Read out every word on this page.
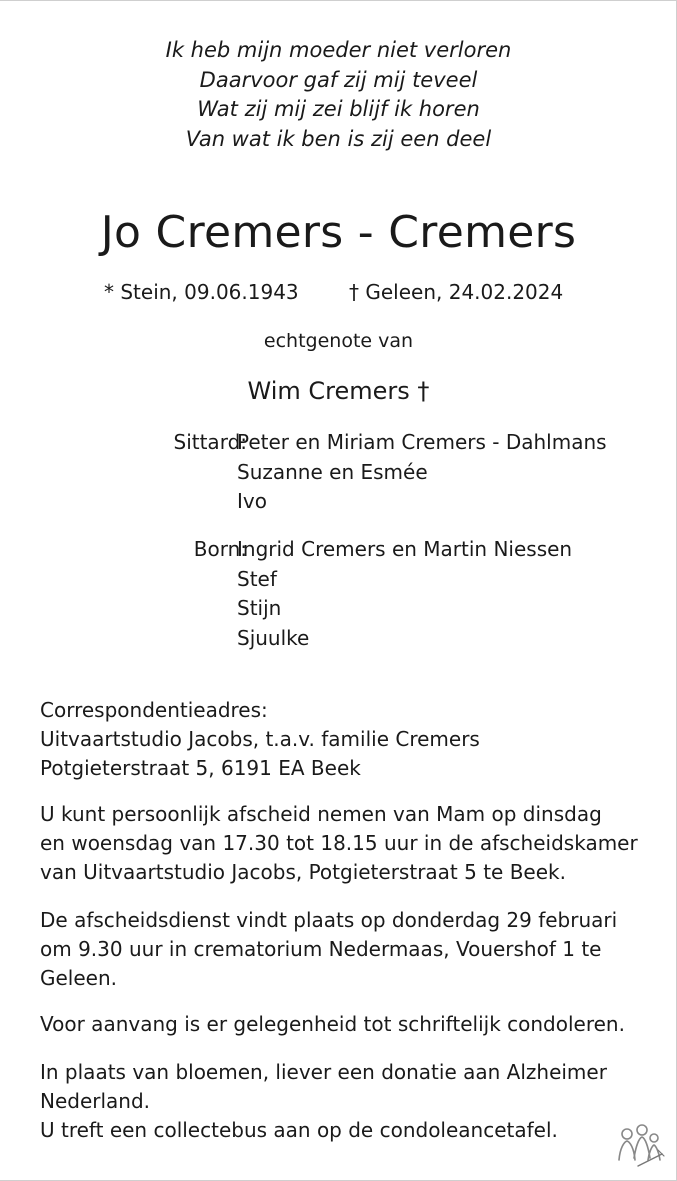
Ik heb mijn moeder niet verloren
Daarvoor gaf zij mij teveel
Wat zij mij zei blijf ik horen
Van wat ik ben is zij een deel
Jo Cremers - Cremers
* Stein, 09.06.1943	† Geleen, 24.02.2024
echtgenote van
Wim Cremers †
Sittard:
Peter en Miriam Cremers - Dahlmans
Suzanne en Esmée
Ivo
Born:
Ingrid Cremers en Martin Niessen
Stef
Stijn
Sjuulke
Correspondentieadres:
Uitvaartstudio Jacobs, t.a.v. familie Cremers
Potgieterstraat 5, 6191 EA Beek
U kunt persoonlijk afscheid nemen van Mam op dinsdag
en woensdag van 17.30 tot 18.15 uur in de afscheidskamer
van Uitvaartstudio Jacobs, Potgieterstraat 5 te Beek.
De afscheidsdienst vindt plaats op donderdag 29 februari
om 9.30 uur in crematorium Nedermaas, Vouershof 1 te
Geleen.
Voor aanvang is er gelegenheid tot schriftelijk condoleren.
In plaats van bloemen, liever een donatie aan Alzheimer
Nederland.
U treft een collectebus aan op de condoleancetafel.
